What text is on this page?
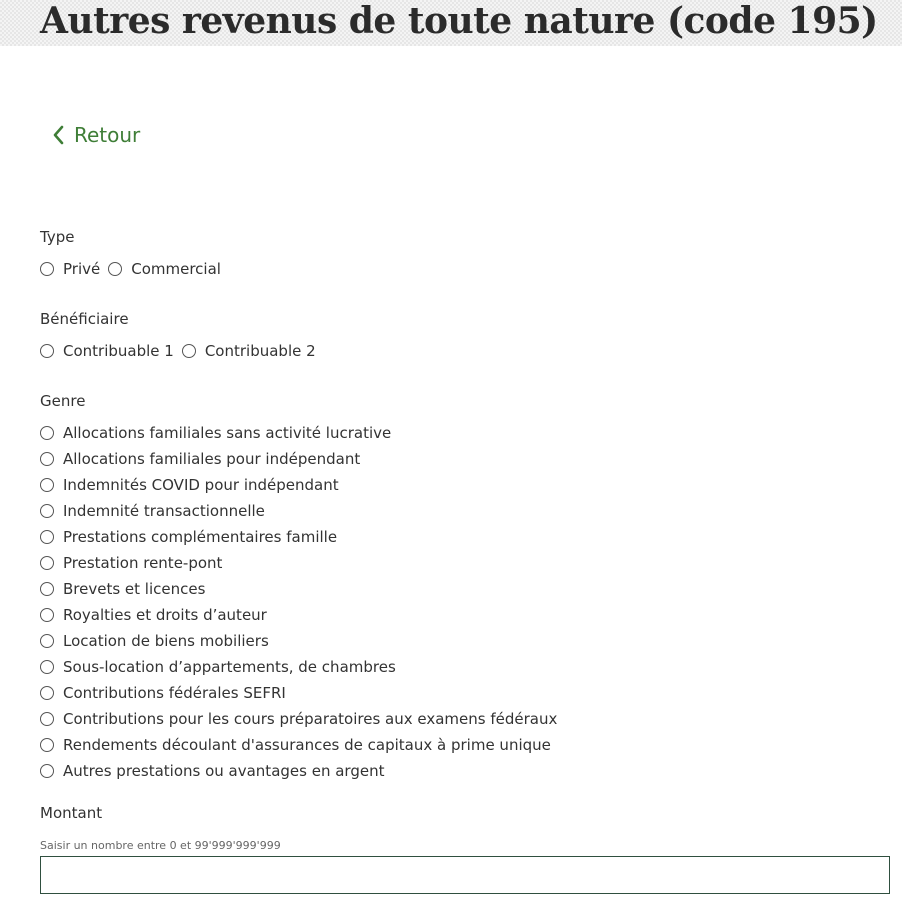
Autres revenus de toute nature (code 195)
Retour
Type
Privé Commercial
Bénéficiaire
Contribuable 1 Contribuable 2
Genre
Allocations familiales sans activité lucrative
Allocations familiales pour indépendant
Indemnités COVID pour indépendant
Indemnité transactionnelle
Prestations complémentaires famille
Prestation rente-pont
Brevets et licences
Royalties et droits d’auteur
Location de biens mobiliers
Sous-location d’appartements, de chambres
Contributions fédérales SEFRI
Contributions pour les cours préparatoires aux examens fédéraux
Rendements découlant d'assurances de capitaux à prime unique
Autres prestations ou avantages en argent
Montant
Saisir un nombre entre 0 et 99'999'999'999
